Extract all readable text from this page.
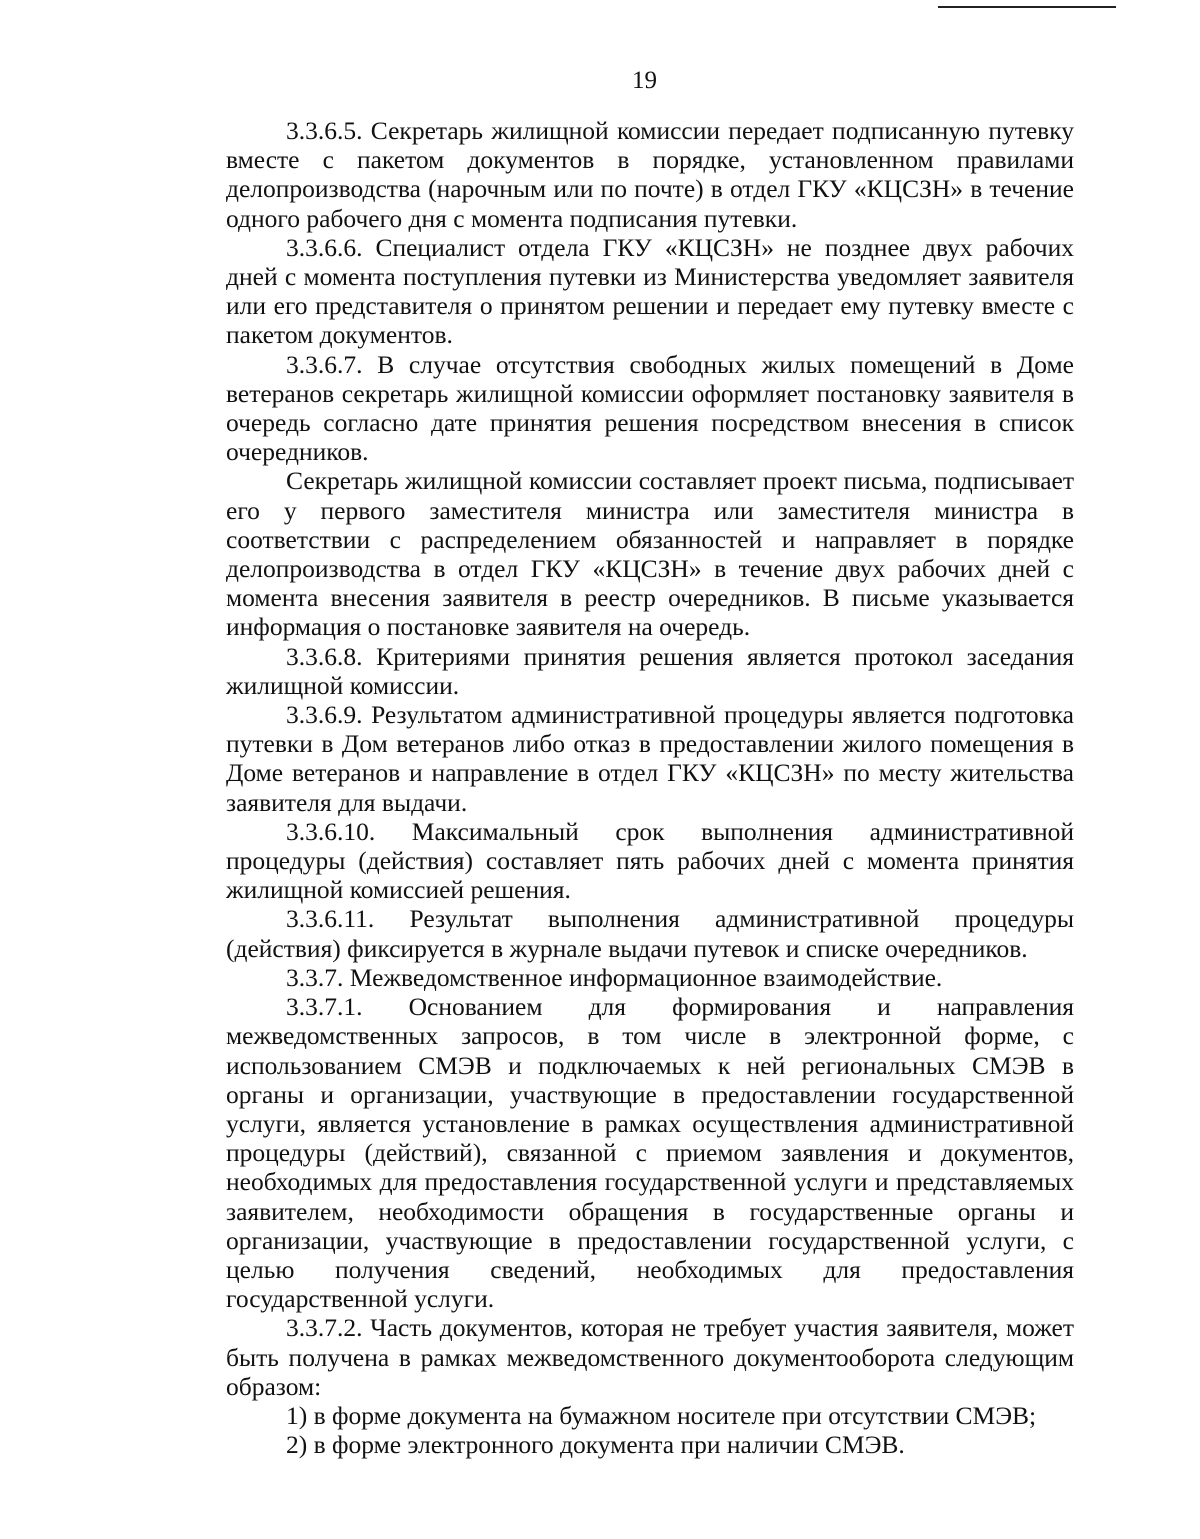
19

3.3.6.5. Секретарь жилищной комиссии передает подписанную путевку вместе с пакетом документов в порядке, установленном правилами делопроизводства (нарочным или по почте) в отдел ГКУ «КЦСЗН» в течение одного рабочего дня с момента подписания путевки.

3.3.6.6. Специалист отдела ГКУ «КЦСЗН» не позднее двух рабочих дней с момента поступления путевки из Министерства уведомляет заявителя или его представителя о принятом решении и передает ему путевку вместе с пакетом документов.

3.3.6.7. В случае отсутствия свободных жилых помещений в Доме ветеранов секретарь жилищной комиссии оформляет постановку заявителя в очередь согласно дате принятия решения посредством внесения в список очередников.

Секретарь жилищной комиссии составляет проект письма, подписывает его у первого заместителя министра или заместителя министра в соответствии с распределением обязанностей и направляет в порядке делопроизводства в отдел ГКУ «КЦСЗН» в течение двух рабочих дней с момента внесения заявителя в реестр очередников. В письме указывается информация о постановке заявителя на очередь.

3.3.6.8. Критериями принятия решения является протокол заседания жилищной комиссии.

3.3.6.9. Результатом административной процедуры является подготовка путевки в Дом ветеранов либо отказ в предоставлении жилого помещения в Доме ветеранов и направление в отдел ГКУ «КЦСЗН» по месту жительства заявителя для выдачи.

3.3.6.10. Максимальный срок выполнения административной процедуры (действия) составляет пять рабочих дней с момента принятия жилищной комиссией решения.

3.3.6.11. Результат выполнения административной процедуры (действия) фиксируется в журнале выдачи путевок и списке очередников.

3.3.7. Межведомственное информационное взаимодействие.

3.3.7.1. Основанием для формирования и направления межведомственных запросов, в том числе в электронной форме, с использованием СМЭВ и подключаемых к ней региональных СМЭВ в органы и организации, участвующие в предоставлении государственной услуги, является установление в рамках осуществления административной процедуры (действий), связанной с приемом заявления и документов, необходимых для предоставления государственной услуги и представляемых заявителем, необходимости обращения в государственные органы и организации, участвующие в предоставлении государственной услуги, с целью получения сведений, необходимых для предоставления государственной услуги.

3.3.7.2. Часть документов, которая не требует участия заявителя, может быть получена в рамках межведомственного документооборота следующим образом:

1) в форме документа на бумажном носителе при отсутствии СМЭВ;

2) в форме электронного документа при наличии СМЭВ.
